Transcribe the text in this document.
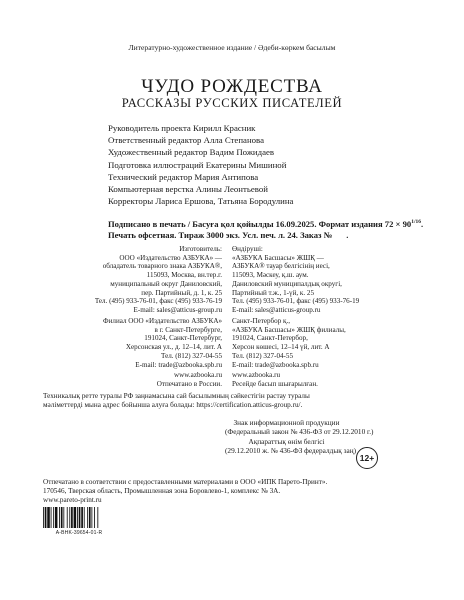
Литературно-художественное издание / Әдеби-көркем басылым
ЧУДО РОЖДЕСТВА
РАССКАЗЫ РУССКИХ ПИСАТЕЛЕЙ
Руководитель проекта Кирилл Красник
Ответственный редактор Алла Степанова
Художественный редактор Вадим Пожидаев
Подготовка иллюстраций Екатерины Мишиной
Технический редактор Мария Антипова
Компьютерная верстка Алины Леонтьевой
Корректоры Лариса Ершова, Татьяна Бородулина
Подписано в печать / Басуға қол қойылды 16.09.2025. Формат издания $72 \times 90^{1/16}$.
Печать офсетная. Тираж 3000 экз. Усл. печ. л. 24. Заказ № .
Изготовитель:
ООО «Издательство АЗБУКА» —
обладатель товарного знака АЗБУКА®,
115093, Москва, вн.тер.г.
муниципальный округ Даниловский,
пер. Партийный, д. 1, к. 25
Тел. (495) 933-76-01, факс (495) 933-76-19
E-mail: sales@atticus-group.ru
Филиал ООО «Издательство АЗБУКА»
в г. Санкт-Петербурге,
191024, Санкт-Петербург,
Херсонская ул., д. 12–14, лит. А
Тел. (812) 327-04-55
E-mail: trade@azbooka.spb.ru
www.azbooka.ru
Отпечатано в России.
Өндіруші:
«АЗБУКА Басшасы» ЖШҚ —
АЗБУКА® тауар белгісінің иесі,
115093, Мәскеу, қ.ш. аум.
Даниловский муниципалдық округі,
Партийный т.ж., 1-үй, к. 25
Тел. (495) 933-76-01, факс (495) 933-76-19
E-mail: sales@atticus-group.ru
Санкт-Петербор қ.,
«АЗБУКА Басшасы» ЖШҚ филиалы,
191024, Санкт-Петербор,
Херсон көшесі, 12–14 үй, лит. А
Тел. (812) 327-04-55
E-mail: trade@azbooka.spb.ru
www.azbooka.ru
Ресейде басып шығарылған.
Техникалық ретте туралы РФ заңнамасына сай басылымның сәйкестігін растау туралы
мәліметтерді мына адрес бойынша алуға болады: https://certification.atticus-group.ru/.
Знак информационной продукции
(Федеральный закон № 436-ФЗ от 29.12.2010 г.)
Ақпараттық өнім белгісі
(29.12.2010 ж. № 436-ФЗ федералдық заң)
12+
Отпечатано в соответствии с предоставленными материалами в ООО «ИПК Парето-Принт».
170546, Тверская область, Промышленная зона Боровлево-1, комплекс № 3А.
www.pareto-print.ru
A-BHK-39654-01-R
